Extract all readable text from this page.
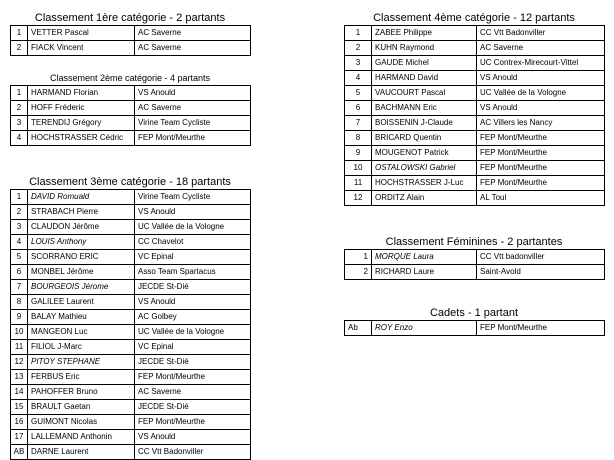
Classement 1ère catégorie - 2 partants
1	VETTER Pascal	AC Saverne
2	FIACK Vincent	AC Saverne
Classement 2ème catégorie - 4 partants
1	HARMAND Florian	VS Anould
2	HOFF Fréderic	AC Saverne
3	TERENDIJ Grégory	Virine Team Cycliste
4	HOCHSTRASSER Cédric	FEP Mont/Meurthe
Classement 3ème catégorie - 18 partants
1	DAVID Romuald	Virine Team Cycliste
2	STRABACH Pierre	VS Anould
3	CLAUDON Jérôme	UC Vallée de la Vologne
4	LOUIS Anthony	CC Chavelot
5	SCORRANO ERIC	VC Epinal
6	MONBEL Jérôme	Asso Team Spartacus
7	BOURGEOIS Jérome	JECDE St-Dié
8	GALILEE Laurent	VS Anould
9	BALAY Mathieu	AC Golbey
10	MANGEON Luc	UC Vallée de la Vologne
11	FILIOL J-Marc	VC Epinal
12	PITOY STEPHANE	JECDE St-Dié
13	FERBUS Eric	FEP Mont/Meurthe
14	PAHOFFER Bruno	AC Saverne
15	BRAULT Gaetan	JECDE St-Dié
16	GUIMONT Nicolas	FEP Mont/Meurthe
17	LALLEMAND Anthonin	VS Anould
AB	DARNE Laurent	CC Vtt Badonviller
Classement 4ème catégorie - 12 partants
1	ZABEE Philippe	CC Vtt Badonviller
2	KUHN Raymond	AC Saverne
3	GAUDE Michel	UC Contrex-Mirecourt-Vittel
4	HARMAND David	VS Anould
5	VAUCOURT Pascal	UC Vallée de la Vologne
6	BACHMANN Eric	VS Anould
7	BOISSENIN J-Claude	AC Villers les Nancy
8	BRICARD Quentin	FEP Mont/Meurthe
9	MOUGENOT Patrick	FEP Mont/Meurthe
10	OSTALOWSKI Gabriel	FEP Mont/Meurthe
11	HOCHSTRASSER J-Luc	FEP Mont/Meurthe
12	ORDITZ Alain	AL Toul
Classement Féminines - 2 partantes
1	MORQUE Laura	CC Vtt badonviller
2	RICHARD Laure	Saint-Avold
Cadets - 1 partant
Ab	ROY Enzo	FEP Mont/Meurthe
